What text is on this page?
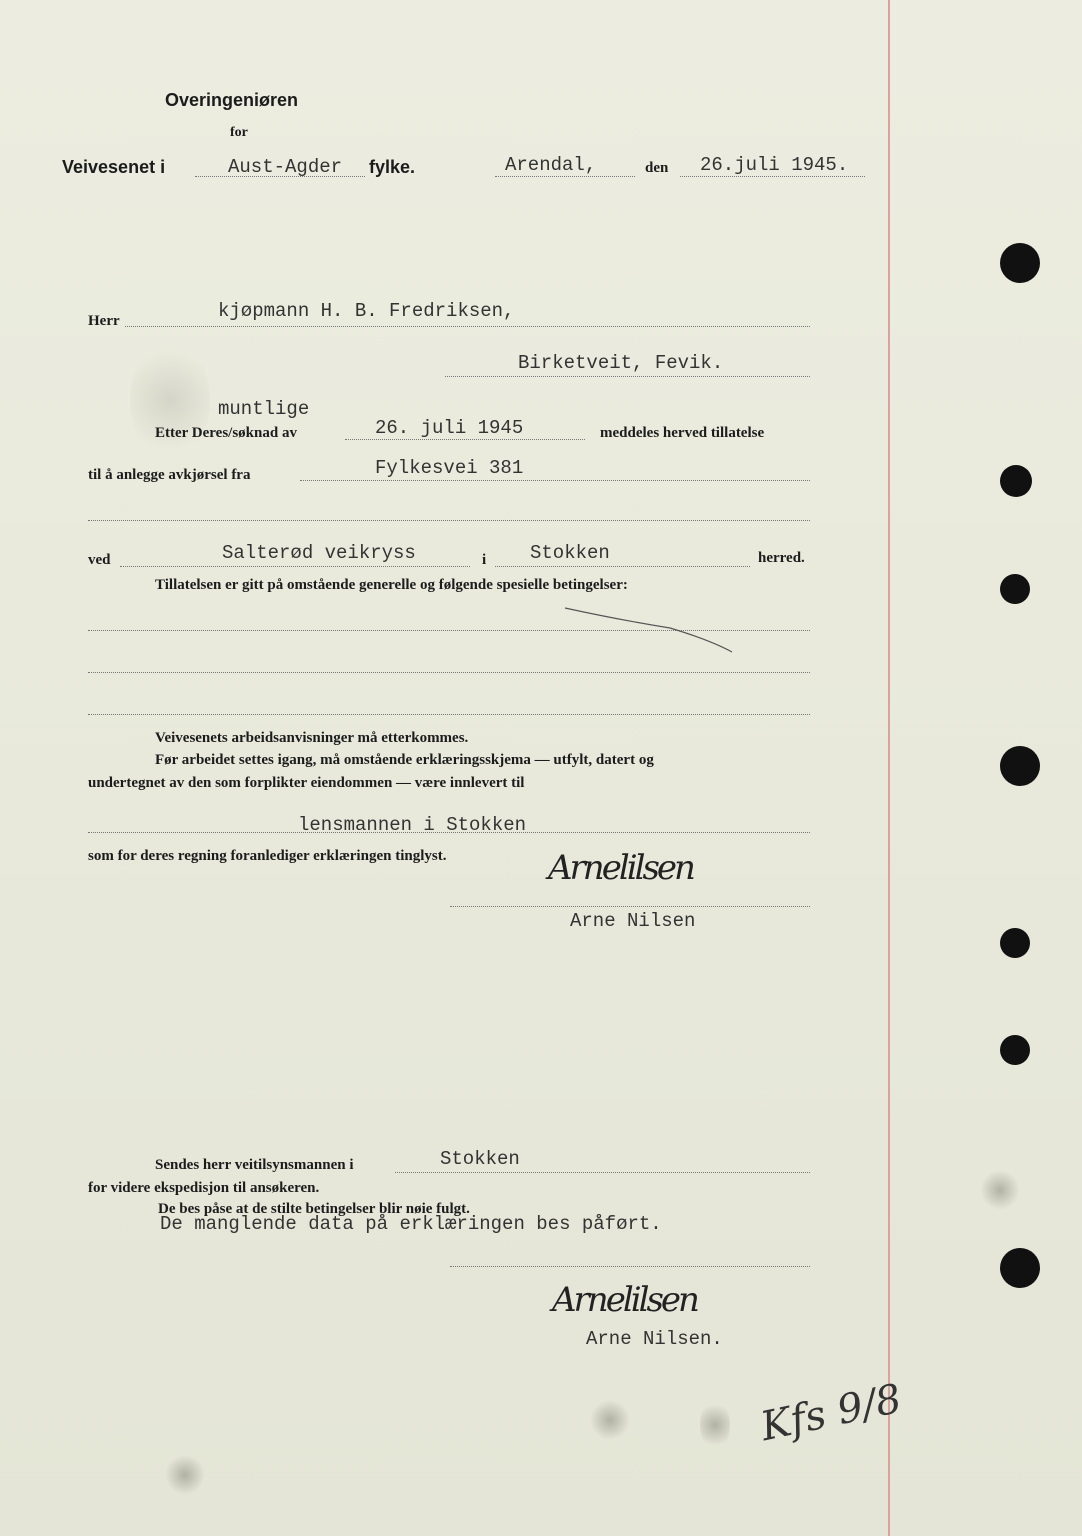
Overingeniøren
for
Veivesenet i	Aust-Agder fylke.	Arendal,	den 26.juli 1945.
Herr	kjøpmann H. B. Fredriksen,
Birketveit, Fevik.
muntlige
Etter Deres/søknad av	26. juli 1945	meddeles herved tillatelse
til å anlegge avkjørsel fra	Fylkesvei 381
ved	Salterød veikryss	i Stokken	herred.
Tillatelsen er gitt på omstående generelle og følgende spesielle betingelser:
Veivesenets arbeidsanvisninger må etterkommes.
Før arbeidet settes igang, må omstående erklæringsskjema — utfylt, datert og
undertegnet av den som forplikter eiendommen — være innlevert til
lensmannen i Stokken
som for deres regning foranlediger erklæringen tinglyst.	Arnelilsen
Arne Nilsen
Sendes herr veitilsynsmannen i	Stokken
for videre ekspedisjon til ansøkeren.
De bes påse at de stilte betingelser blir nøie fulgt.
De manglende data på erklæringen bes påført.
Arnelilsen
Arne Nilsen.
Kfs 9/8
